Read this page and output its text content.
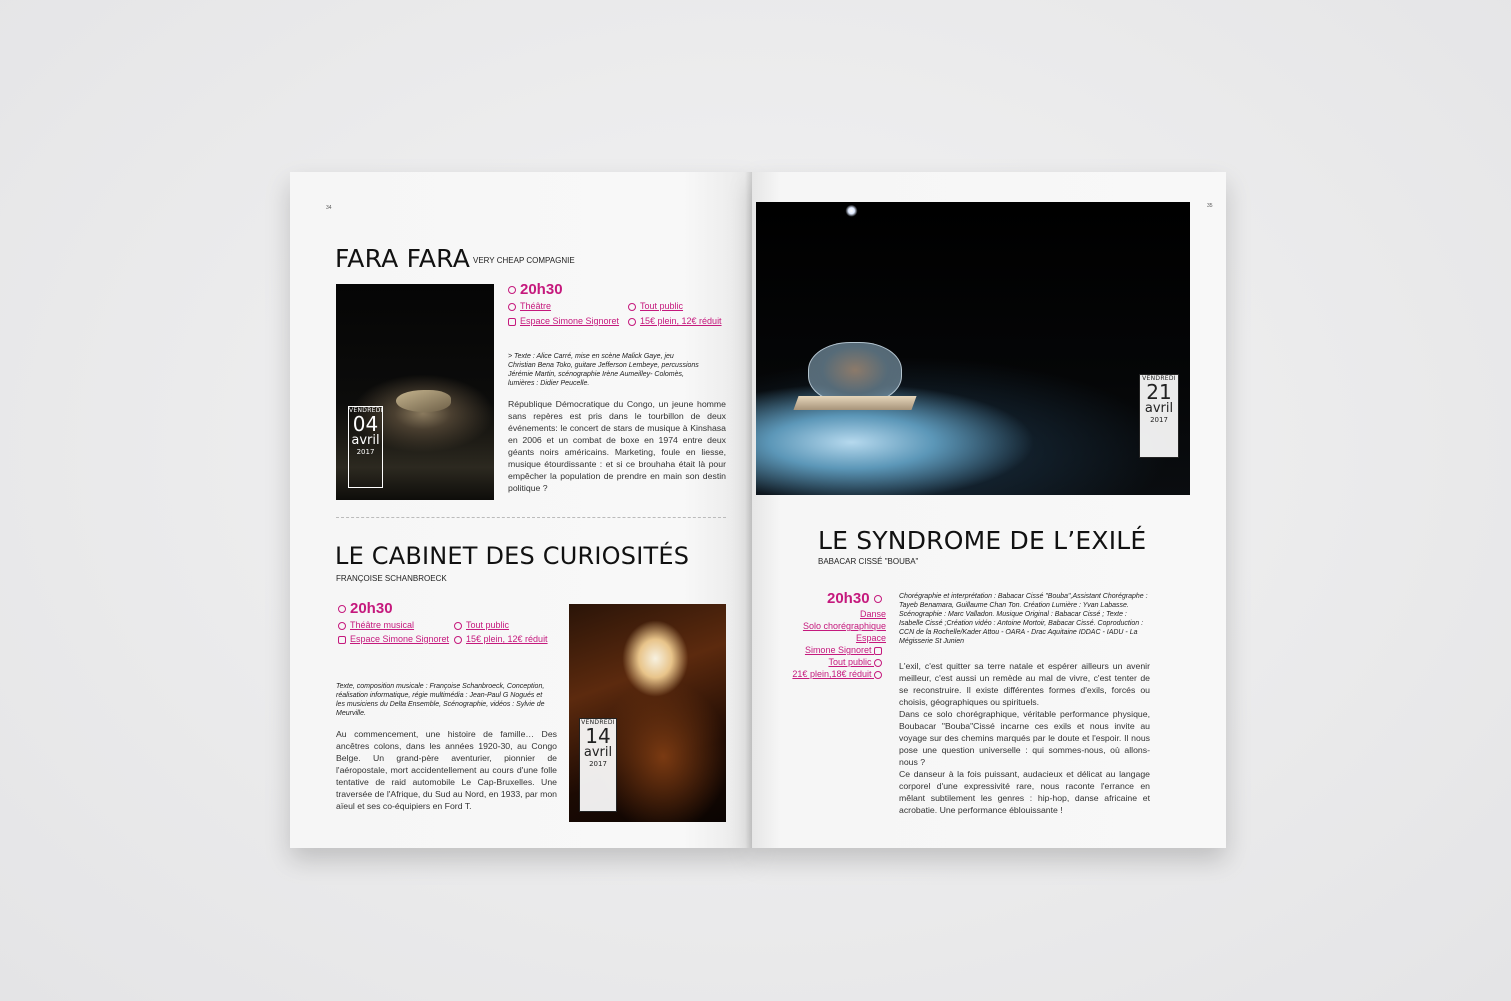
34
FARA FARA VERY CHEAP COMPAGNIE
VENDREDI
04
avril
2017
20h30
Théâtre
Espace Simone Signoret
Tout public
15€ plein, 12€ réduit
> Texte : Alice Carré, mise en scène Malick Gaye, jeu Christian Bena Toko, guitare Jefferson Lembeye, percussions Jérémie Martin, scénographie Irène Aumeilley- Colomès, lumières : Didier Peucelle.
République Démocratique du Congo, un jeune homme sans repères est pris dans le tourbillon de deux événements: le concert de stars de musique à Kinshasa en 2006 et un combat de boxe en 1974 entre deux géants noirs américains. Marketing, foule en liesse, musique étourdissante : et si ce brouhaha était là pour empêcher la population de prendre en main son destin politique ?
LE CABINET DES CURIOSITÉS
FRANÇOISE SCHANBROECK
20h30
Théâtre musical
Espace Simone Signoret
Tout public
15€ plein, 12€ réduit
Texte, composition musicale : Françoise Schanbroeck, Conception, réalisation informatique, régie multimédia : Jean-Paul G Nogués et les musiciens du Delta Ensemble, Scénographie, vidéos : Sylvie de Meurville.
Au commencement, une histoire de famille… Des ancêtres colons, dans les années 1920-30, au Congo Belge. Un grand-père aventurier, pionnier de l'aéropostale, mort accidentellement au cours d'une folle tentative de raid automobile Le Cap-Bruxelles. Une traversée de l'Afrique, du Sud au Nord, en 1933, par mon aïeul et ses co-équipiers en Ford T.
VENDREDI
14
avril
2017
35
VENDREDI
21
avril
2017
LE SYNDROME DE L’EXILÉ
BABACAR CISSÉ "BOUBA"
20h30
Danse
Solo chorégraphique
Espace
Simone Signoret
Tout public
21€ plein,18€ réduit
Chorégraphie et interprétation : Babacar Cissé "Bouba",Assistant Chorégraphe : Tayeb Benamara, Guillaume Chan Ton. Création Lumière : Yvan Labasse. Scénographie : Marc Valladon. Musique Original : Babacar Cissé ; Texte : Isabelle Cissé ;Création vidéo : Antoine Mortoir, Babacar Cissé. Coproduction : CCN de la Rochelle/Kader Attou - OARA - Drac Aquitaine IDDAC - IADU - La Mégisserie St Junien
L'exil, c'est quitter sa terre natale et espérer ailleurs un avenir meilleur, c'est aussi un remède au mal de vivre, c'est tenter de se reconstruire. Il existe différentes formes d'exils, forcés ou choisis, géographiques ou spirituels.
Dans ce solo chorégraphique, véritable performance physique, Boubacar "Bouba"Cissé incarne ces exils et nous invite au voyage sur des chemins marqués par le doute et l'espoir. Il nous pose une question universelle : qui sommes-nous, où allons-nous ?
Ce danseur à la fois puissant, audacieux et délicat au langage corporel d'une expressivité rare, nous raconte l'errance en mêlant subtilement les genres : hip-hop, danse africaine et acrobatie. Une performance éblouissante !
